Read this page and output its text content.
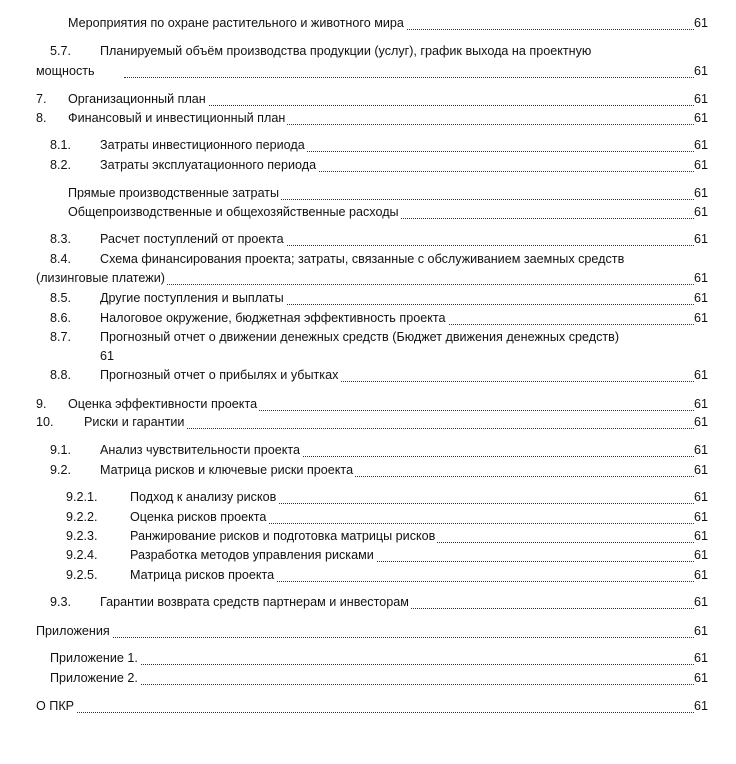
Мероприятия по охране растительного и животного мира	61
5.7. Планируемый объём производства продукции (услуг), график выхода на проектную
мощность	61
7. Организационный план	61
8. Финансовый и инвестиционный план	61
8.1. Затраты инвестиционного периода	61
8.2. Затраты эксплуатационного периода	61
Прямые производственные затраты	61
Общепроизводственные и общехозяйственные расходы	61
8.3. Расчет поступлений от проекта	61
8.4. Схема финансирования проекта; затраты, связанные с обслуживанием заемных средств
(лизинговые платежи)	61
8.5. Другие поступления и выплаты	61
8.6. Налоговое окружение, бюджетная эффективность проекта	61
8.7. Прогнозный отчет о движении денежных средств (Бюджет движения денежных средств)
61
8.8. Прогнозный отчет о прибылях и убытках	61
9. Оценка эффективности проекта	61
10. Риски и гарантии	61
9.1. Анализ чувствительности проекта	61
9.2. Матрица рисков и ключевые риски проекта	61
9.2.1.	Подход к анализу рисков	61
9.2.2.	Оценка рисков проекта	61
9.2.3.	Ранжирование рисков и подготовка матрицы рисков	61
9.2.4.	Разработка методов управления рисками	61
9.2.5.	Матрица рисков проекта	61
9.3. Гарантии возврата средств партнерам и инвесторам	61
Приложения	61
Приложение 1.	61
Приложение 2.	61
О ПКР	61
